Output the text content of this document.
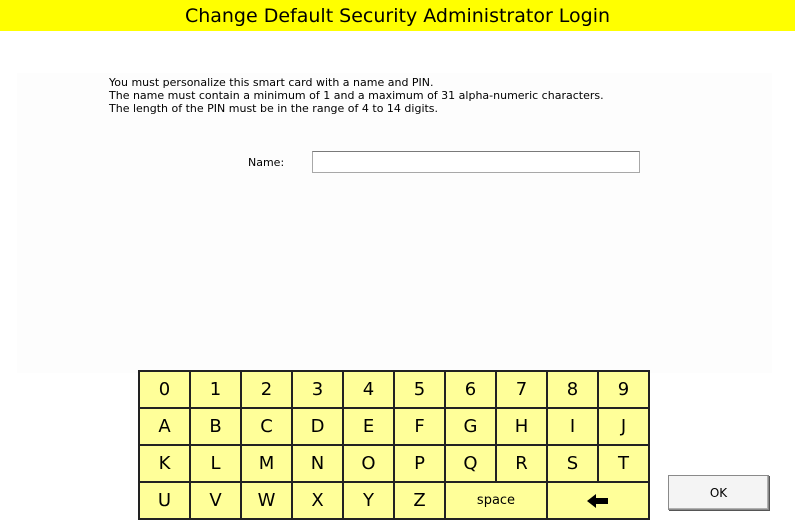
Change Default Security Administrator Login
You must personalize this smart card with a name and PIN.
The name must contain a minimum of 1 and a maximum of 31 alpha-numeric characters.
The length of the PIN must be in the range of 4 to 14 digits.
Name:
0	1	2	3	4	5	6	7	8	9
A	B	C	D	E	F	G	H	I	J
K	L	M	N	O	P	Q	R	S	T
U	V	W	X	Y	Z	space
OK
